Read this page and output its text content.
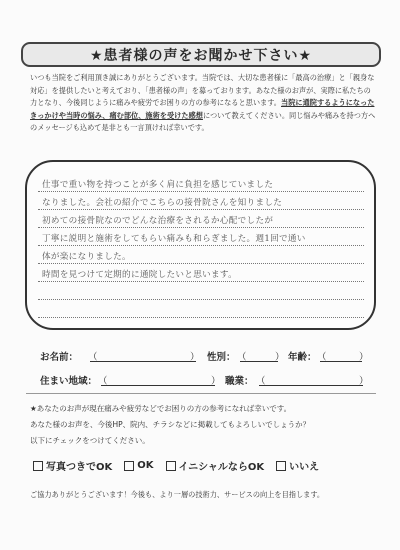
★患者様の声をお聞かせ下さい★
いつも当院をご利用頂き誠にありがとうございます。当院では、大切な患者様に「最高の治療」と「親身な対応」を提供したいと考えており、「患者様の声」を募っております。あなた様のお声が、実際に私たちの力となり、今後同じように痛みや疲労でお困りの方の参考になると思います。当院に通院するようになったきっかけや当時の悩み、痛む部位、施術を受けた感想について教えてください。同じ悩みや痛みを持つ方へのメッセージも込めて是非とも一言頂ければ幸いです。
仕事で重い物を持つことが多く肩に負担を感じていました
なりました。会社の紹介でこちらの接骨院さんを知りました
初めての接骨院なのでどんな治療をされるか心配でしたが
丁寧に説明と施術をしてもらい痛みも和らぎました。週1回で通い
体が楽になりました。
時間を見つけて定期的に通院したいと思います。
お名前： （	） 性別： （	） 年齢： （	）
住まい地域： （	） 職業： （	）
★あなたのお声が現在痛みや疲労などでお困りの方の参考になれば幸いです。
あなた様のお声を、今後HP、院内、チラシなどに掲載してもよろしいでしょうか？
以下にチェックをつけてください。
写真つきでOK	OK	イニシャルならOK	いいえ
ご協力ありがとうございます！今後も、より一層の技術力、サービスの向上を目指します。
